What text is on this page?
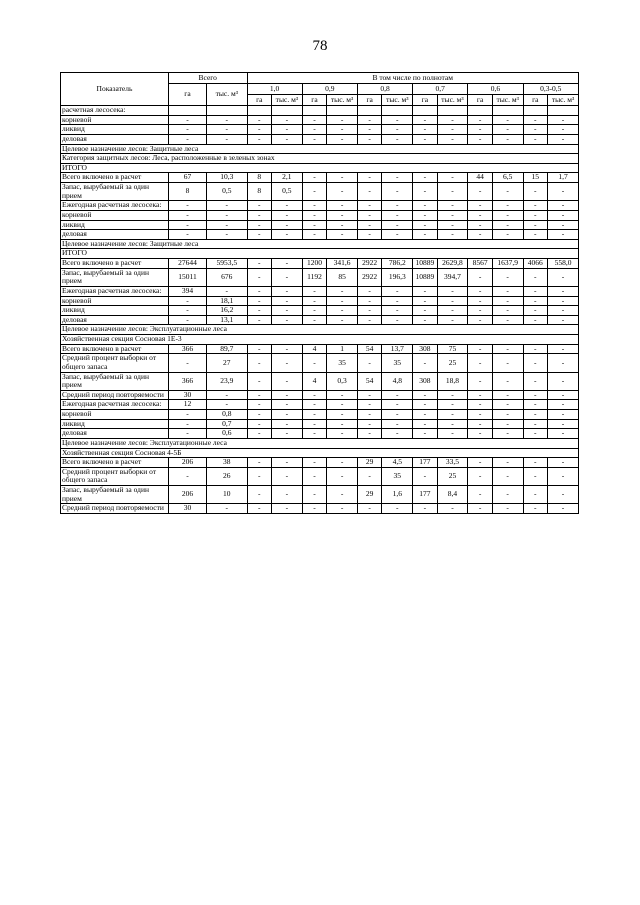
78
Показатель	Всего		В том числе по полнотам											
	га	тыс. м³	1,0		0,9		0,8		0,7		0,6		0,3-0,5	
			га	тыс. м³	га	тыс. м³	га	тыс. м³	га	тыс. м³	га	тыс. м³	га	тыс. м³
расчетная лесосека:														
корневой	-	-	-	-	-	-	-	-	-	-	-	-	-	-
ликвид	-	-	-	-	-	-	-	-	-	-	-	-	-	-
деловая	-	-	-	-	-	-	-	-	-	-	-	-	-	-
Целевое назначение лесов: Защитные леса														
Категория защитных лесов: Леса, расположенные в зеленых зонах														
ИТОГО														
Всего включено в расчет	67	10,3	8	2,1	-	-	-	-	-	-	44	6,5	15	1,7
Запас, вырубаемый за один прием	8	0,5	8	0,5	-	-	-	-	-	-	-	-	-	-
Ежегодная расчетная лесосека:	-	-	-	-	-	-	-	-	-	-	-	-	-	-
корневой	-	-	-	-	-	-	-	-	-	-	-	-	-	-
ликвид	-	-	-	-	-	-	-	-	-	-	-	-	-	-
деловая	-	-	-	-	-	-	-	-	-	-	-	-	-	-
Целевое назначение лесов: Защитные леса														
ИТОГО														
Всего включено в расчет	27644	5953,5	-	-	1200	341,6	2922	786,2	10889	2629,8	8567	1637,9	4066	558,0
Запас, вырубаемый за один прием	15011	676	-	-	1192	85	2922	196,3	10889	394,7	-	-	-	-
Ежегодная расчетная лесосека:	394	-	-	-	-	-	-	-	-	-	-	-	-	-
корневой	-	18,1	-	-	-	-	-	-	-	-	-	-	-	-
ликвид	-	16,2	-	-	-	-	-	-	-	-	-	-	-	-
деловая	-	13,1	-	-	-	-	-	-	-	-	-	-	-	-
Целевое назначение лесов: Эксплуатационные леса														
Хозяйственная секция Сосновая 1Е-3														
Всего включено в расчет	366	89,7	-	-	4	1	54	13,7	308	75	-	-	-	-
Средний процент выборки от общего запаса	-	27	-	-	-	35	-	35	-	25	-	-	-	-
Запас, вырубаемый за один прием	366	23,9	-	-	4	0,3	54	4,8	308	18,8	-	-	-	-
Средний период повторяемости	30	-	-	-	-	-	-	-	-	-	-	-	-	-
Ежегодная расчетная лесосека:	12	-	-	-	-	-	-	-	-	-	-	-	-	-
корневой	-	0,8	-	-	-	-	-	-	-	-	-	-	-	-
ликвид	-	0,7	-	-	-	-	-	-	-	-	-	-	-	-
деловая	-	0,6	-	-	-	-	-	-	-	-	-	-	-	-
Целевое назначение лесов: Эксплуатационные леса														
Хозяйственная секция Сосновая 4-5Б														
Всего включено в расчет	206	38	-	-	-	-	29	4,5	177	33,5	-	-	-	-
Средний процент выборки от общего запаса	-	26	-	-	-	-	-	35	-	25	-	-	-	-
Запас, вырубаемый за один прием	206	10	-	-	-	-	29	1,6	177	8,4	-	-	-	-
Средний период повторяемости	30	-	-	-	-	-	-	-	-	-	-	-	-	-
